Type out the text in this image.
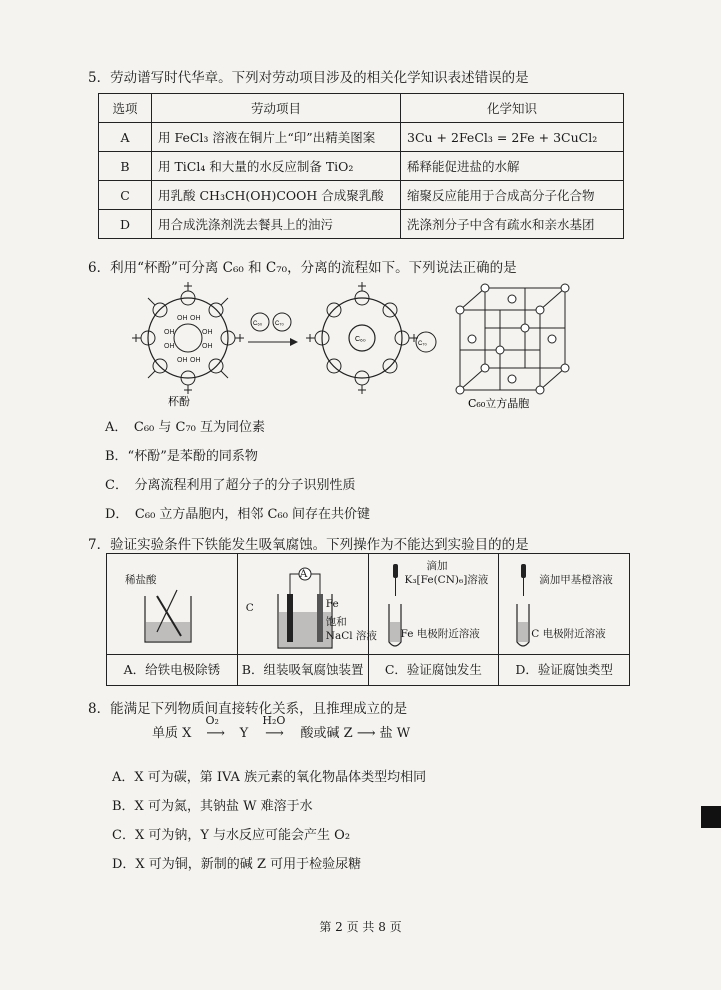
5．劳动谱写时代华章。下列对劳动项目涉及的相关化学知识表述错误的是
选项	劳动项目	化学知识
A	用 FeCl₃ 溶液在铜片上“印”出精美图案	3Cu + 2FeCl₃ = 2Fe + 3CuCl₂
B	用 TiCl₄ 和大量的水反应制备 TiO₂	稀释能促进盐的水解
C	用乳酸 CH₃CH(OH)COOH 合成聚乳酸	缩聚反应能用于合成高分子化合物
D	用合成洗涤剂洗去餐具上的油污	洗涤剂分子中含有疏水和亲水基团
6．利用“杯酚”可分离 C₆₀ 和 C₇₀，分离的流程如下。下列说法正确的是
OH OH
OH	OH
OH	OH
OH OH
杯酚
C₆₀ C₇₀
C₆₀
C₇₀
C₆₀立方晶胞
A．　C₆₀ 与 C₇₀ 互为同位素
B．“杯酚”是苯酚的同系物
C．　分离流程利用了超分子的分子识别性质
D．　C₆₀ 立方晶胞内，相邻 C₆₀ 间存在共价键
7．验证实验条件下铁能发生吸氧腐蚀。下列操作为不能达到实验目的的是
稀盐酸
A．给铁电极除锈

A
C	Fe
饱和
NaCl 溶液
B．组装吸氧腐蚀装置

滴加
K₃[Fe(CN)₆]溶液
Fe 电极附近溶液
C．验证腐蚀发生

滴加甲基橙溶液
C 电极附近溶液
D．验证腐蚀类型
8．能满足下列物质间直接转化关系，且推理成立的是
单质 X
O₂
⟶ Y
H₂O
⟶ 酸或碱 Z ⟶ 盐 W
A．X 可为碳，第 IVA 族元素的氧化物晶体类型均相同
B．X 可为氮，其钠盐 W 难溶于水
C．X 可为钠，Y 与水反应可能会产生 O₂
D．X 可为铜，新制的碱 Z 可用于检验尿糖
第 2 页 共 8 页
